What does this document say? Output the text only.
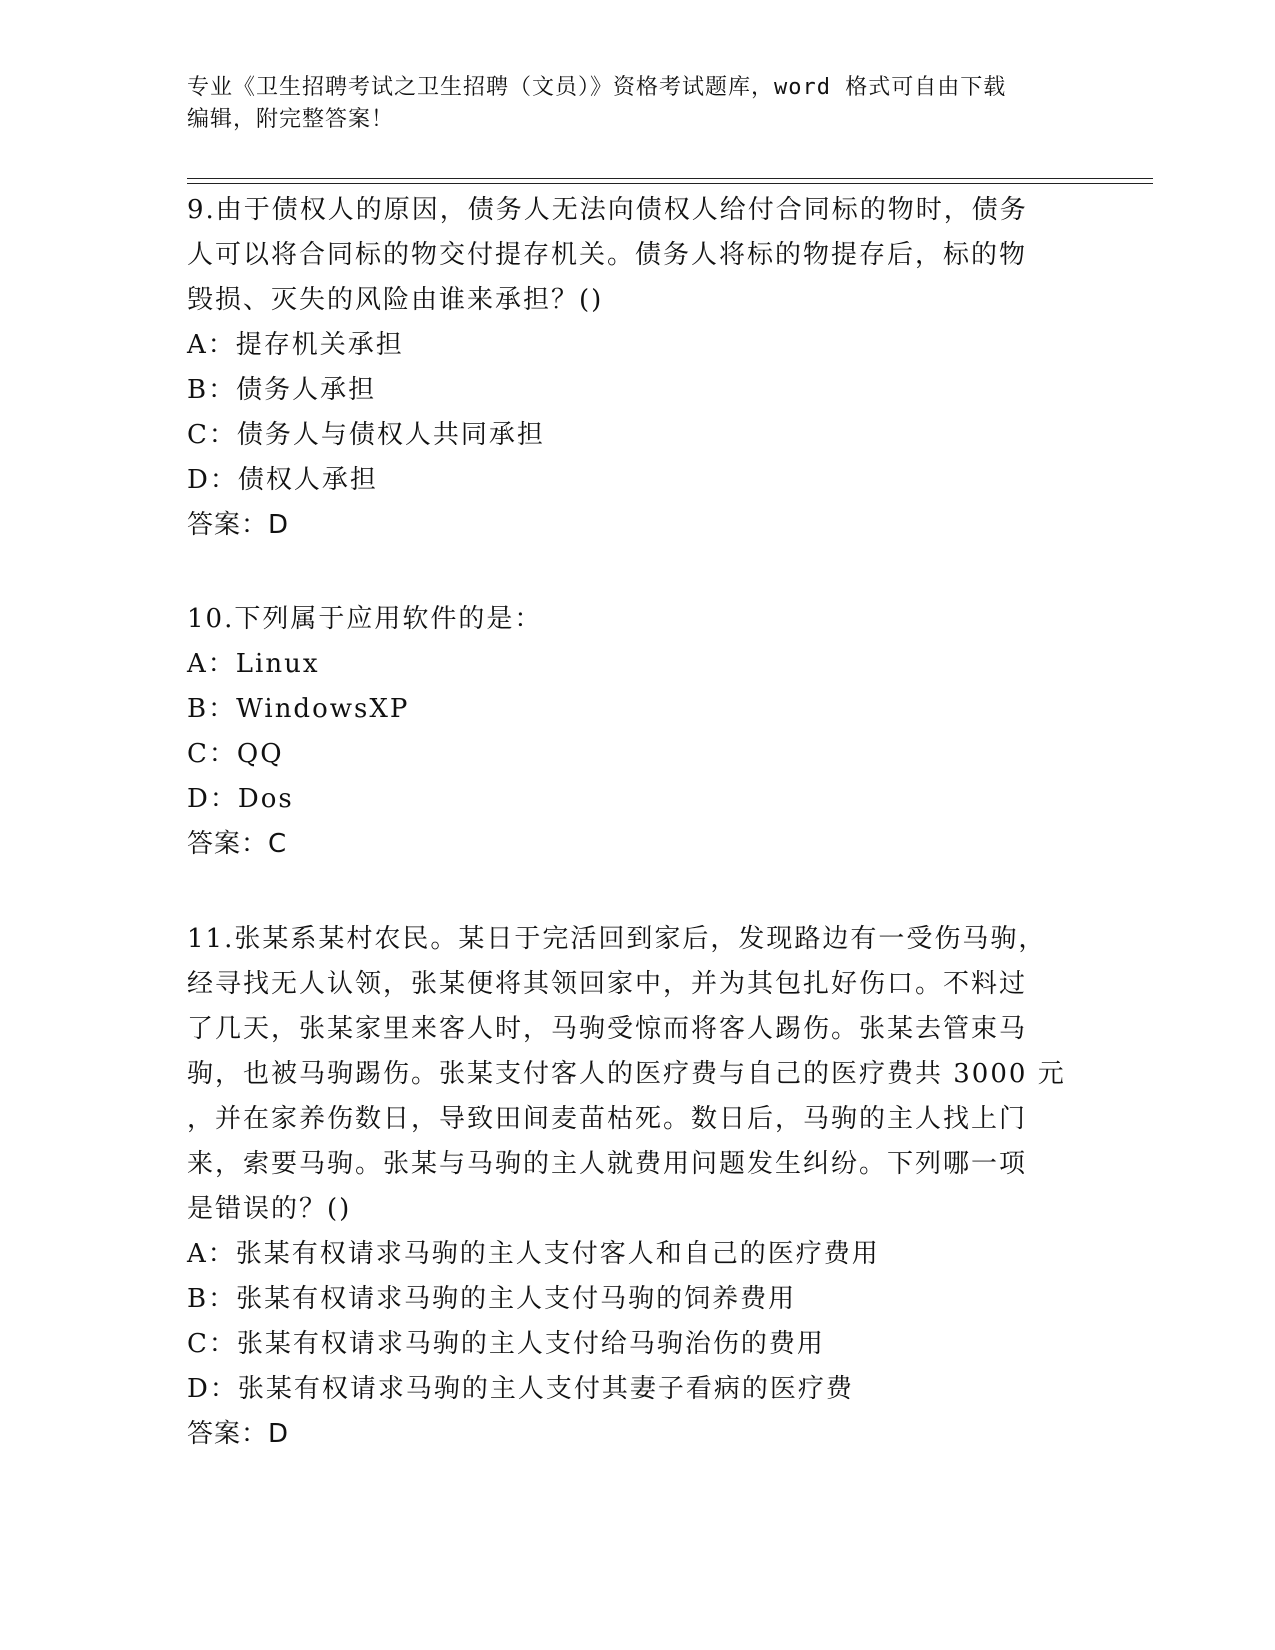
专业《卫生招聘考试之卫生招聘（文员）》资格考试题库，word 格式可自由下载
编辑，附完整答案！
9.由于债权人的原因，债务人无法向债权人给付合同标的物时，债务
人可以将合同标的物交付提存机关。债务人将标的物提存后，标的物
毁损、灭失的风险由谁来承担？()
A：提存机关承担
B：债务人承担
C：债务人与债权人共同承担
D：债权人承担
答案：D
10.下列属于应用软件的是：
A：Linux
B：WindowsXP
C：QQ
D：Dos
答案：C
11.张某系某村农民。某日于完活回到家后，发现路边有一受伤马驹，
经寻找无人认领，张某便将其领回家中，并为其包扎好伤口。不料过
了几天，张某家里来客人时，马驹受惊而将客人踢伤。张某去管束马
驹，也被马驹踢伤。张某支付客人的医疗费与自己的医疗费共 3000 元
，并在家养伤数日，导致田间麦苗枯死。数日后，马驹的主人找上门
来，索要马驹。张某与马驹的主人就费用问题发生纠纷。下列哪一项
是错误的？()
A：张某有权请求马驹的主人支付客人和自己的医疗费用
B：张某有权请求马驹的主人支付马驹的饲养费用
C：张某有权请求马驹的主人支付给马驹治伤的费用
D：张某有权请求马驹的主人支付其妻子看病的医疗费
答案：D
